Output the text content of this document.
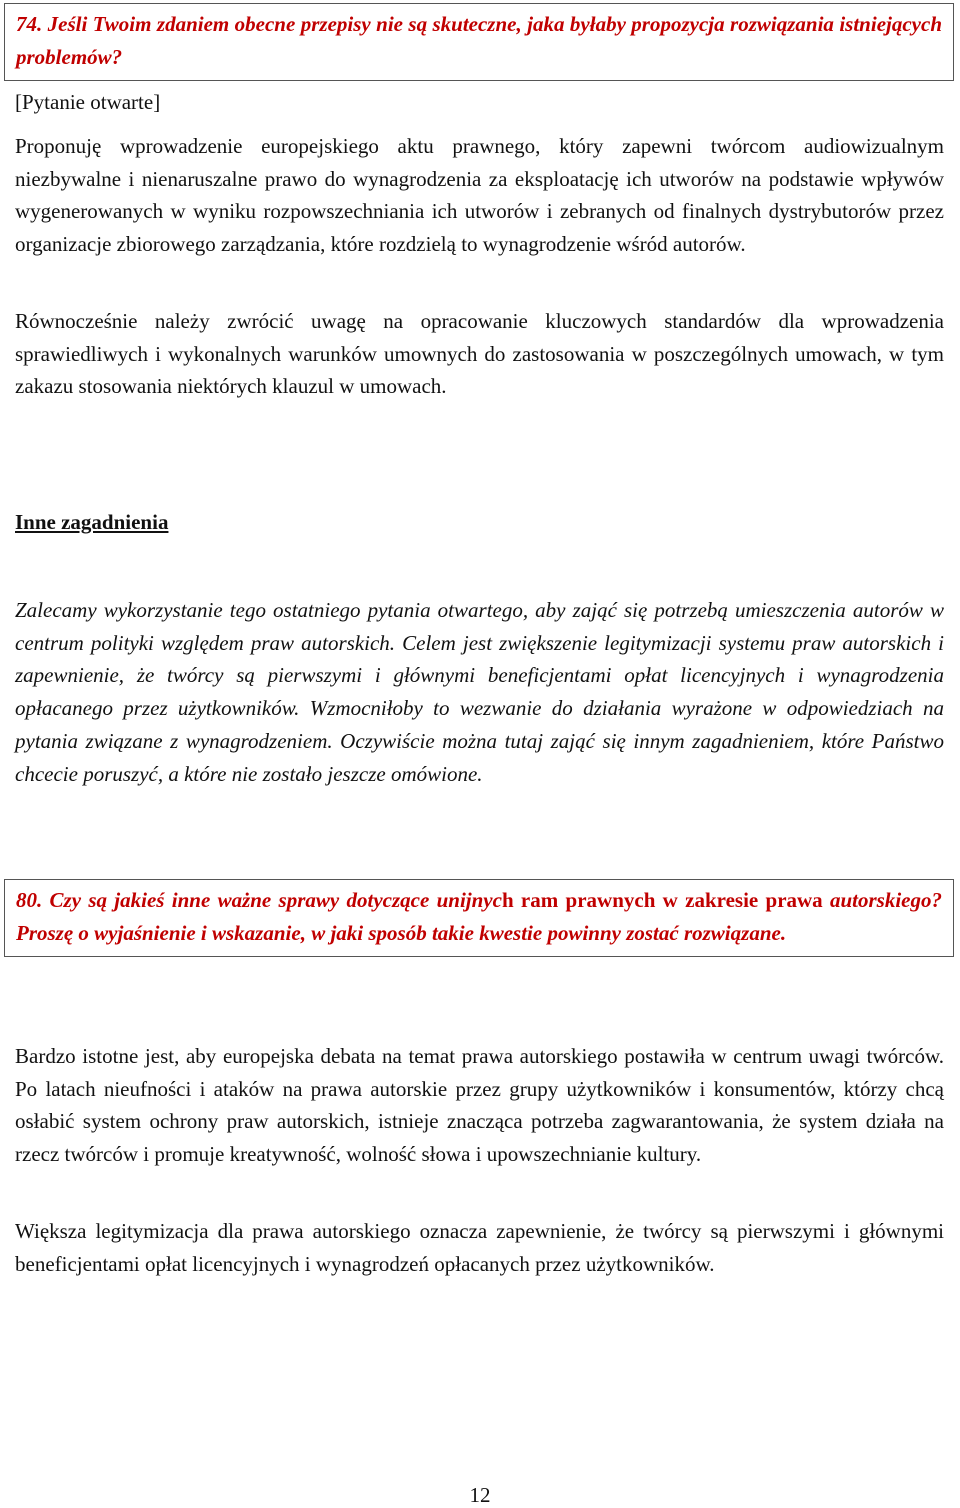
74. Jeśli Twoim zdaniem obecne przepisy nie są skuteczne, jaka byłaby propozycja rozwiązania istniejących problemów?

[Pytanie otwarte]

Proponuję wprowadzenie europejskiego aktu prawnego, który zapewni twórcom audiowizualnym niezbywalne i nienaruszalne prawo do wynagrodzenia za eksploatację ich utworów na podstawie wpływów wygenerowanych w wyniku rozpowszechniania ich utworów i zebranych od finalnych dystrybutorów przez organizacje zbiorowego zarządzania, które rozdzielą to wynagrodzenie wśród autorów.

Równocześnie należy zwrócić uwagę na opracowanie kluczowych standardów dla wprowadzenia sprawiedliwych i wykonalnych warunków umownych do zastosowania w poszczególnych umowach, w tym zakazu stosowania niektórych klauzul w umowach.

Inne zagadnienia

Zalecamy wykorzystanie tego ostatniego pytania otwartego, aby zająć się potrzebą umieszczenia autorów w centrum polityki względem praw autorskich. Celem jest zwiększenie legitymizacji systemu praw autorskich i zapewnienie, że twórcy są pierwszymi i głównymi beneficjentami opłat licencyjnych i wynagrodzenia opłacanego przez użytkowników. Wzmocniłoby to wezwanie do działania wyrażone w odpowiedziach na pytania związane z wynagrodzeniem. Oczywiście można tutaj zająć się innym zagadnieniem, które Państwo chcecie poruszyć, a które nie zostało jeszcze omówione.

80. Czy są jakieś inne ważne sprawy dotyczące unijnych ram prawnych w zakresie prawa autorskiego? Proszę o wyjaśnienie i wskazanie, w jaki sposób takie kwestie powinny zostać rozwiązane.

Bardzo istotne jest, aby europejska debata na temat prawa autorskiego postawiła w centrum uwagi twórców. Po latach nieufności i ataków na prawa autorskie przez grupy użytkowników i konsumentów, którzy chcą osłabić system ochrony praw autorskich, istnieje znacząca potrzeba zagwarantowania, że system działa na rzecz twórców i promuje kreatywność, wolność słowa i upowszechnianie kultury.

Większa legitymizacja dla prawa autorskiego oznacza zapewnienie, że twórcy są pierwszymi i głównymi beneficjentami opłat licencyjnych i wynagrodzeń opłacanych przez użytkowników.

12
